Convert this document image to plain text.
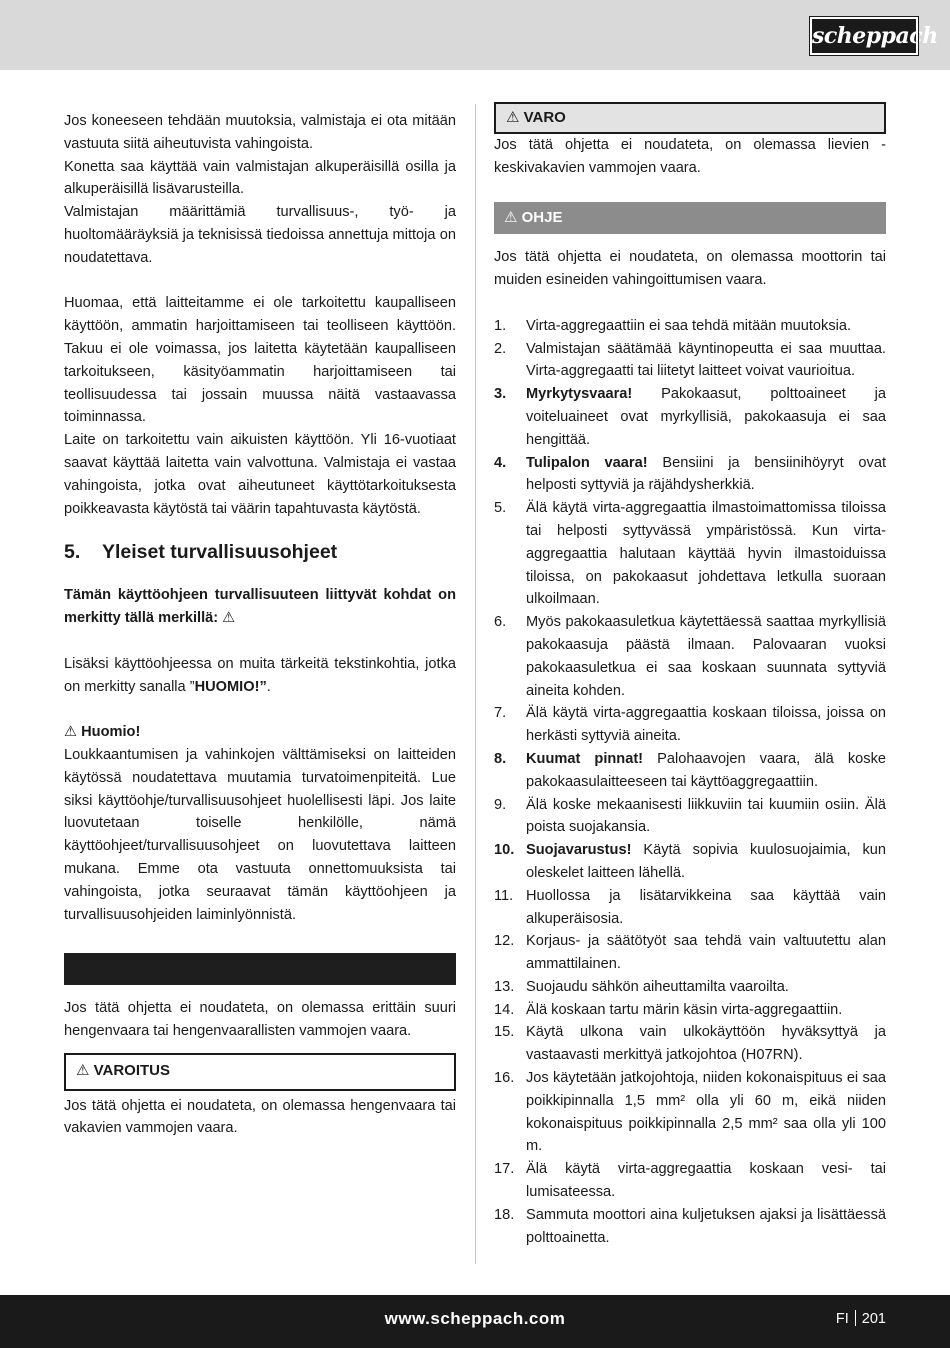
scheppach

Jos koneeseen tehdään muutoksia, valmistaja ei ota mitään vastuuta siitä aiheutuvista vahingoista.

Konetta saa käyttää vain valmistajan alkuperäisillä osilla ja alkuperäisillä lisävarusteilla.

Valmistajan määrittämiä turvallisuus-, työ- ja huoltomääräyksiä ja teknisissä tiedoissa annettuja mittoja on noudatettava.

Huomaa, että laitteitamme ei ole tarkoitettu kaupalliseen käyttöön, ammatin harjoittamiseen tai teolliseen käyttöön. Takuu ei ole voimassa, jos laitetta käytetään kaupalliseen tarkoitukseen, käsityöammatin harjoittamiseen tai teollisuudessa tai jossain muussa näitä vastaavassa toiminnassa.

Laite on tarkoitettu vain aikuisten käyttöön. Yli 16-vuotiaat saavat käyttää laitetta vain valvottuna. Valmistaja ei vastaa vahingoista, jotka ovat aiheutuneet käyttötarkoituksesta poikkeavasta käytöstä tai väärin tapahtuvasta käytöstä.

5. Yleiset turvallisuusohjeet

Tämän käyttöohjeen turvallisuuteen liittyvät kohdat on merkitty tällä merkillä: ⚠

Lisäksi käyttöohjeessa on muita tärkeitä tekstinkohtia, jotka on merkitty sanalla ”HUOMIO!”.

⚠ Huomio!

Loukkaantumisen ja vahinkojen välttämiseksi on laitteiden käytössä noudatettava muutamia turvatoimenpiteitä. Lue siksi käyttöohje/turvallisuusohjeet huolellisesti läpi. Jos laite luovutetaan toiselle henkilölle, nämä käyttöohjeet/turvallisuusohjeet on luovutettava laitteen mukana. Emme ota vastuuta onnettomuuksista tai vahingoista, jotka seuraavat tämän käyttöohjeen ja turvallisuusohjeiden laiminlyönnistä.

Jos tätä ohjetta ei noudateta, on olemassa erittäin suuri hengenvaara tai hengenvaarallisten vammojen vaara.

⚠ VAROITUS

Jos tätä ohjetta ei noudateta, on olemassa hengenvaara tai vakavien vammojen vaara.

⚠ VARO

Jos tätä ohjetta ei noudateta, on olemassa lievien - keskivakavien vammojen vaara.

⚠ OHJE

Jos tätä ohjetta ei noudateta, on olemassa moottorin tai muiden esineiden vahingoittumisen vaara.

1.	Virta-aggregaattiin ei saa tehdä mitään muutoksia.
2.	Valmistajan säätämää käyntinopeutta ei saa muuttaa. Virta-aggregaatti tai liitetyt laitteet voivat vaurioitua.
3.	Myrkytysvaara! Pakokaasut, polttoaineet ja voiteluaineet ovat myrkyllisiä, pakokaasuja ei saa hengittää.
4.	Tulipalon vaara! Bensiini ja bensiinihöyryt ovat helposti syttyviä ja räjähdysherkkiä.
5.	Älä käytä virta-aggregaattia ilmastoimattomissa tiloissa tai helposti syttyvässä ympäristössä. Kun virta-aggregaattia halutaan käyttää hyvin ilmastoiduissa tiloissa, on pakokaasut johdettava letkulla suoraan ulkoilmaan.
6.	Myös pakokaasuletkua käytettäessä saattaa myrkyllisiä pakokaasuja päästä ilmaan. Palovaaran vuoksi pakokaasuletkua ei saa koskaan suunnata syttyviä aineita kohden.
7.	Älä käytä virta-aggregaattia koskaan tiloissa, joissa on herkästi syttyviä aineita.
8.	Kuumat pinnat! Palohaavojen vaara, älä koske pakokaasulaitteeseen tai käyttöaggregaattiin.
9.	Älä koske mekaanisesti liikkuviin tai kuumiin osiin. Älä poista suojakansia.
10. Suojavarustus! Käytä sopivia kuulosuojaimia, kun oleskelet laitteen lähellä.
11. Huollossa ja lisätarvikkeina saa käyttää vain alkuperäisosia.
12. Korjaus- ja säätötyöt saa tehdä vain valtuutettu alan ammattilainen.
13. Suojaudu sähkön aiheuttamilta vaaroilta.
14. Älä koskaan tartu märin käsin virta-aggregaattiin.
15. Käytä ulkona vain ulkokäyttöön hyväksyttyä ja vastaavasti merkittyä jatkojohtoa (H07RN).
16. Jos käytetään jatkojohtoja, niiden kokonaispituus ei saa poikkipinnalla 1,5 mm² olla yli 60 m, eikä niiden kokonaispituus poikkipinnalla 2,5 mm² saa olla yli 100 m.
17. Älä käytä virta-aggregaattia koskaan vesi- tai lumisateessa.
18. Sammuta moottori aina kuljetuksen ajaksi ja lisättäessä polttoainetta.
www.scheppach.com	FI 201
